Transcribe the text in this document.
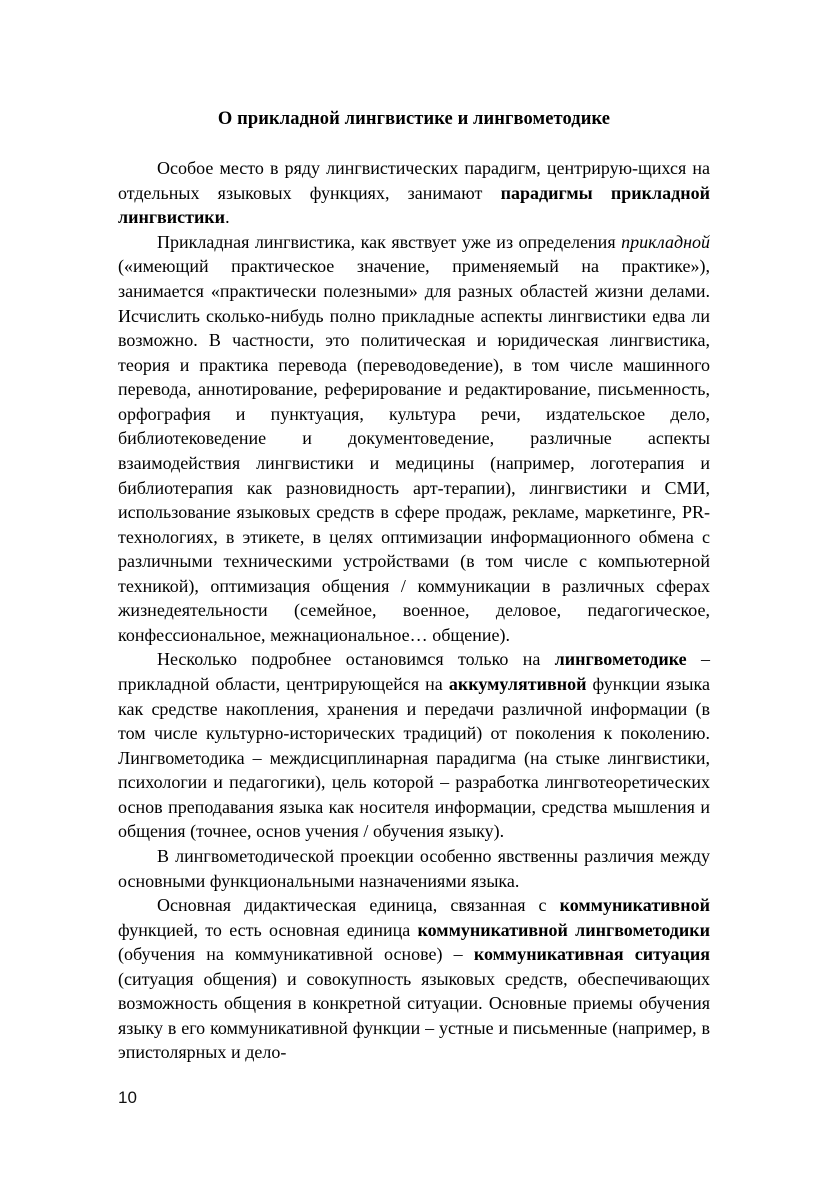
О прикладной лингвистике и лингвометодике

Особое место в ряду лингвистических парадигм, центрирую-щихся на отдельных языковых функциях, занимают парадигмы прикладной лингвистики.

Прикладная лингвистика, как явствует уже из определения прикладной («имеющий практическое значение, применяемый на практике»), занимается «практически полезными» для разных областей жизни делами. Исчислить сколько-нибудь полно прикладные аспекты лингвистики едва ли возможно. В частности, это политическая и юридическая лингвистика, теория и практика перевода (переводоведение), в том числе машинного перевода, аннотирование, реферирование и редактирование, письменность, орфография и пунктуация, культура речи, издательское дело, библиотековедение и документоведение, различные аспекты взаимодействия лингвистики и медицины (например, логотерапия и библиотерапия как разновидность арт-терапии), лингвистики и СМИ, использование языковых средств в сфере продаж, рекламе, маркетинге, PR-технологиях, в этикете, в целях оптимизации информационного обмена с различными техническими устройствами (в том числе с компьютерной техникой), оптимизация общения / коммуникации в различных сферах жизнедеятельности (семейное, военное, деловое, педагогическое, конфессиональное, межнациональное… общение).

Несколько подробнее остановимся только на лингвометодике – прикладной области, центрирующейся на аккумулятивной функции языка как средстве накопления, хранения и передачи различной информации (в том числе культурно-исторических традиций) от поколения к поколению. Лингвометодика – междисциплинарная парадигма (на стыке лингвистики, психологии и педагогики), цель которой – разработка лингвотеоретических основ преподавания языка как носителя информации, средства мышления и общения (точнее, основ учения / обучения языку).

В лингвометодической проекции особенно явственны различия между основными функциональными назначениями языка.

Основная дидактическая единица, связанная с коммуникативной функцией, то есть основная единица коммуникативной лингвометодики (обучения на коммуникативной основе) – коммуникативная ситуация (ситуация общения) и совокупность языковых средств, обеспечивающих возможность общения в конкретной ситуации. Основные приемы обучения языку в его коммуникативной функции – устные и письменные (например, в эпистолярных и дело-

10
